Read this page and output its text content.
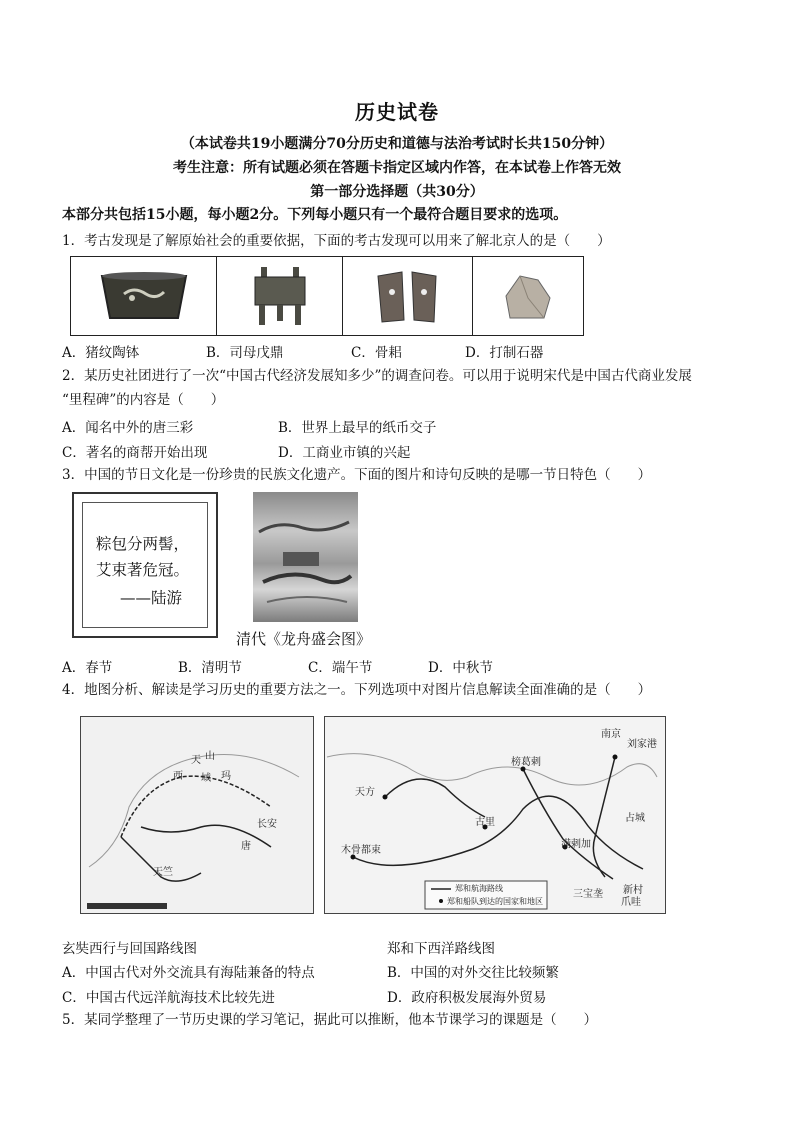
历史试卷
（本试卷共19小题满分70分历史和道德与法治考试时长共150分钟）
考生注意：所有试题必须在答题卡指定区域内作答，在本试卷上作答无效
第一部分选择题（共30分）
本部分共包括15小题，每小题2分。下列每小题只有一个最符合题目要求的选项。
1．考古发现是了解原始社会的重要依据，下面的考古发现可以用来了解北京人的是（　　）
A．猪纹陶钵	B．司母戊鼎	C．骨耜	D．打制石器
2．某历史社团进行了一次“中国古代经济发展知多少”的调查问卷。可以用于说明宋代是中国古代商业发展
“里程碑”的内容是（　　）
A．闻名中外的唐三彩	B．世界上最早的纸币交子
C．著名的商帮开始出现	D．工商业市镇的兴起
3．中国的节日文化是一份珍贵的民族文化遗产。下面的图片和诗句反映的是哪一节日特色（　　）
粽包分两髻，
艾束著危冠。
——陆游
清代《龙舟盛会图》
A．春节	B．清明节	C．端午节	D．中秋节
4．地图分析、解读是学习历史的重要方法之一。下列选项中对图片信息解读全面准确的是（　　）
天 山
西 域 玛
长安
唐
天竺
南京
刘家港
天方
古里
榜葛剌
满剌加
木骨都束
三宝垄 新村
爪哇
占城
郑和航海路线
郑和船队到达的国家和地区
玄奘西行与回国路线图	郑和下西洋路线图
A．中国古代对外交流具有海陆兼备的特点	B．中国的对外交往比较频繁
C．中国古代远洋航海技术比较先进	D．政府积极发展海外贸易
5．某同学整理了一节历史课的学习笔记，据此可以推断，他本节课学习的课题是（　　）
